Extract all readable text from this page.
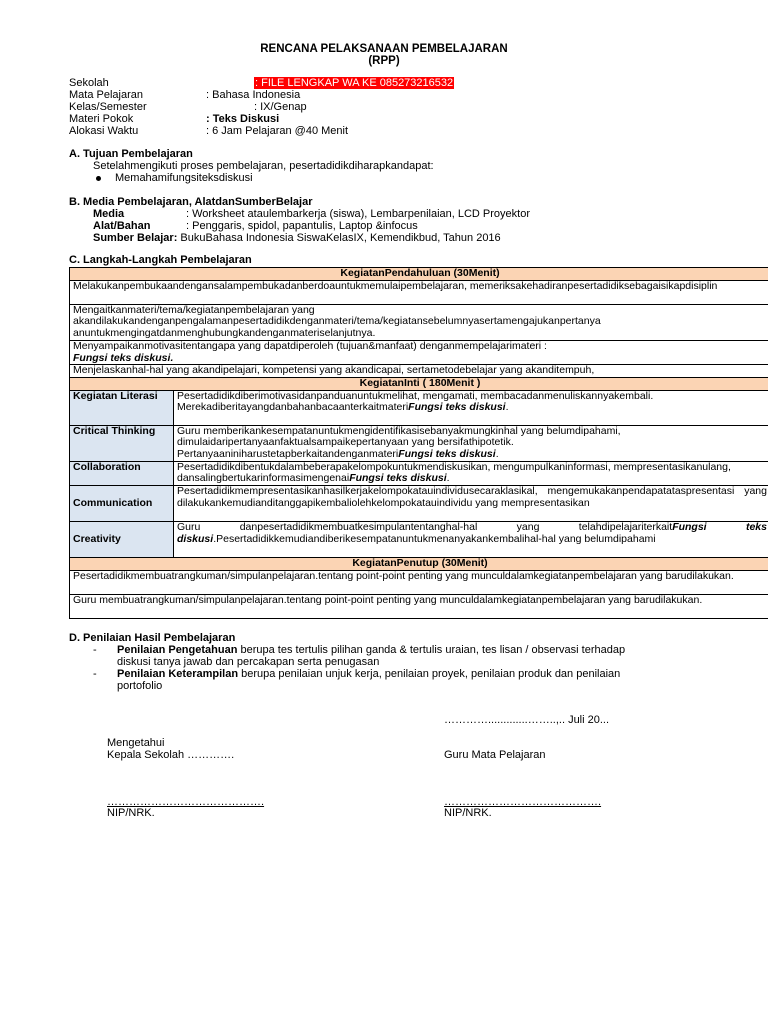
RENCANA PELAKSANAAN PEMBELAJARAN
(RPP)
Sekolah	: FILE LENGKAP WA KE 085273216532
Mata Pelajaran	: Bahasa Indonesia
Kelas/Semester	: IX/Genap
Materi Pokok	: Teks Diskusi
Alokasi Waktu	: 6 Jam Pelajaran @40 Menit
A. Tujuan Pembelajaran
Setelahmengikuti proses pembelajaran, pesertadidikdiharapkandapat:
Memahamifungsiteksdiskusi
B. Media Pembelajaran, AlatdanSumberBelajar
Media	: Worksheet ataulembarkerja (siswa), Lembarpenilaian, LCD Proyektor
Alat/Bahan	: Penggaris, spidol, papantulis, Laptop &infocus
Sumber Belajar: BukuBahasa Indonesia SiswaKelasIX, Kemendikbud, Tahun 2016
C. Langkah-Langkah Pembelajaran
KegiatanPendahuluan (30Menit)	
Melakukanpembukaandengansalampembukadanberdoauntukmemulaipembelajaran, memeriksakehadiranpesertadidiksebagaisikapdisiplin	
Mengaitkanmateri/tema/kegiatanpembelajaran yang akandilakukandenganpengalamanpesertadidikdenganmateri/tema/kegiatansebelumnyasertamengajukanpertanya anuntukmengingatdanmenghubungkandenganmateriselanjutnya.	

Menyampaikanmotivasitentangapa yang dapatdiperoleh (tujuan&manfaat) denganmempelajarimateri :
Fungsi teks diskusi.	

Menjelaskanhal-hal yang akandipelajari, kompetensi yang akandicapai, sertametodebelajar yang akanditempuh,	
KegiatanInti ( 180Menit )	
Kegiatan Literasi	Pesertadidikdiberimotivasidanpanduanuntukmelihat, mengamati, membacadanmenuliskannyakembali.
MerekadiberitayangdanbahanbacaanterkaitmateriFungsi teks diskusi.

Critical Thinking	Guru memberikankesempatanuntukmengidentifikasisebanyakmungkinhal yang belumdipahami, dimulaidaripertanyaanfaktualsampaikepertanyaan yang bersifathipotetik.
PertanyaaniniharustetapberkaitandenganmateriFungsi teks diskusi.

Collaboration	Pesertadidikdibentukdalambeberapakelompokuntukmendiskusikan, mengumpulkaninformasi, mempresentasikanulang, dansalingbertukarinformasimengenaiFungsi teks diskusi.
Communication	Pesertadidikmempresentasikanhasilkerjakelompokatauindividusecaraklasikal, mengemukakanpendapatataspresentasi yang dilakukankemudianditanggapikembaliolehkelompokatauindividu yang mempresentasikan
Creativity	Guru danpesertadidikmembuatkesimpulantentanghal-hal yang telahdipelajariterkaitFungsi teks diskusi.Pesertadidikkemudiandiberikesempatanuntukmenanyakankembalihal-hal yang belumdipahami
KegiatanPenutup (30Menit)	
Pesertadidikmembuatrangkuman/simpulanpelajaran.tentang point-point penting yang munculdalamkegiatanpembelajaran yang barudilakukan.	
Guru membuatrangkuman/simpulanpelajaran.tentang point-point penting yang munculdalamkegiatanpembelajaran yang barudilakukan.	
D. Penilaian Hasil Pembelajaran
- Penilaian Pengetahuan berupa tes tertulis pilihan ganda & tertulis uraian, tes lisan / observasi terhadap
diskusi tanya jawab dan percakapan serta penugasan
- Penilaian Keterampilan berupa penilaian unjuk kerja, penilaian proyek, penilaian produk dan penilaian
portofolio
………….............……..,.. Juli 20...
Mengetahui
Kepala Sekolah ………….	Guru Mata Pelajaran
…………………………………….	…………………………………….
NIP/NRK.	NIP/NRK.
